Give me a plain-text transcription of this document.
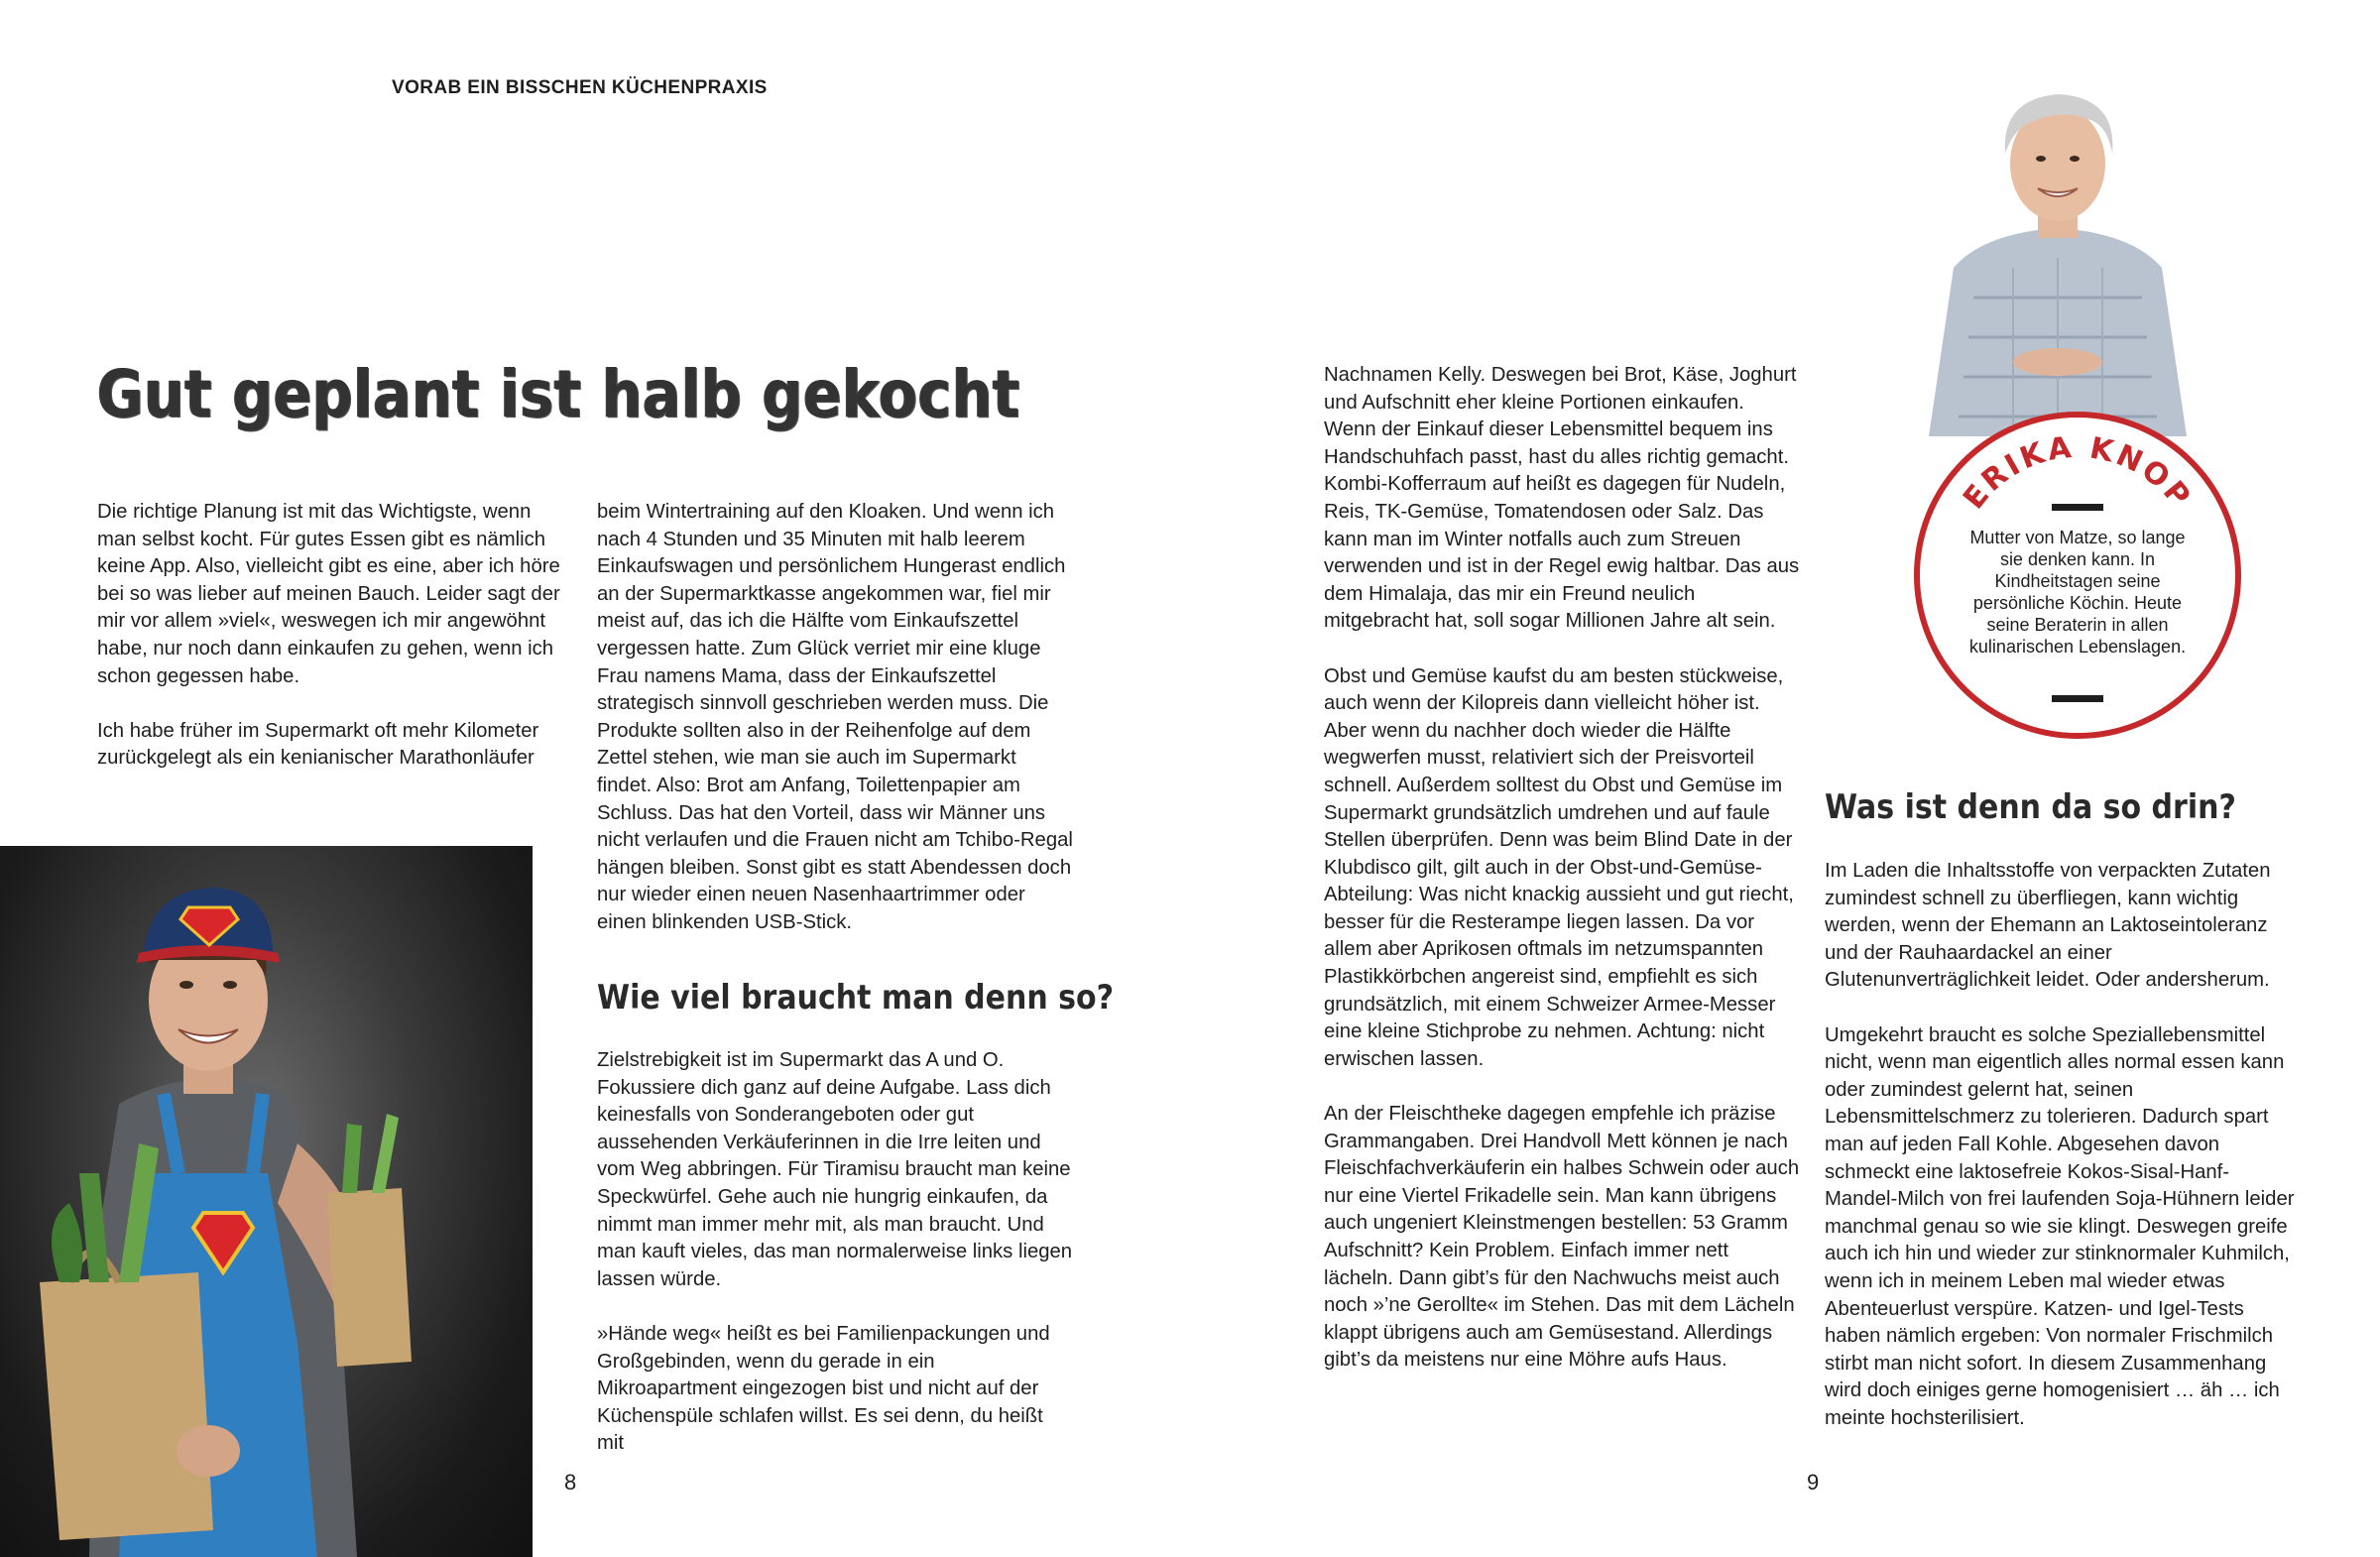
VORAB EIN BISSCHEN KÜCHENPRAXIS
Gut geplant ist halb gekocht

Die richtige Planung ist mit das Wichtigste, wenn man selbst kocht. Für gutes Essen gibt es nämlich keine App. Also, vielleicht gibt es eine, aber ich höre bei so was lieber auf meinen Bauch. Leider sagt der mir vor allem »viel«, weswegen ich mir angewöhnt habe, nur noch dann einkaufen zu gehen, wenn ich schon gegessen habe.

Ich habe früher im Supermarkt oft mehr Kilometer zurückgelegt als ein kenianischer Marathonläufer

beim Wintertraining auf den Kloaken. Und wenn ich nach 4 Stunden und 35 Minuten mit halb leerem Einkaufswagen und persönlichem Hungerast endlich an der Supermarktkasse angekommen war, fiel mir meist auf, das ich die Hälfte vom Einkaufszettel vergessen hatte. Zum Glück verriet mir eine kluge Frau namens Mama, dass der Einkaufszettel strategisch sinnvoll geschrieben werden muss. Die Produkte sollten also in der Reihenfolge auf dem Zettel stehen, wie man sie auch im Supermarkt findet. Also: Brot am Anfang, Toilettenpapier am Schluss. Das hat den Vorteil, dass wir Männer uns nicht verlaufen und die Frauen nicht am Tchibo-Regal hängen bleiben. Sonst gibt es statt Abendessen doch nur wieder einen neuen Nasenhaartrimmer oder einen blinkenden USB-Stick.

Wie viel braucht man denn so?

Zielstrebigkeit ist im Supermarkt das A und O. Fokussiere dich ganz auf deine Aufgabe. Lass dich keinesfalls von Sonderangeboten oder gut aussehenden Verkäuferinnen in die Irre leiten und vom Weg abbringen. Für Tiramisu braucht man keine Speckwürfel. Gehe auch nie hungrig einkaufen, da nimmt man immer mehr mit, als man braucht. Und man kauft vieles, das man normalerweise links liegen lassen würde.

»Hände weg« heißt es bei Familienpackungen und Großgebinden, wenn du gerade in ein Mikroapartment eingezogen bist und nicht auf der Küchenspüle schlafen willst. Es sei denn, du heißt mit

Nachnamen Kelly. Deswegen bei Brot, Käse, Joghurt und Aufschnitt eher kleine Portionen einkaufen. Wenn der Einkauf dieser Lebensmittel bequem ins Handschuhfach passt, hast du alles richtig gemacht. Kombi-Kofferraum auf heißt es dagegen für Nudeln, Reis, TK-Gemüse, Tomatendosen oder Salz. Das kann man im Winter notfalls auch zum Streuen verwenden und ist in der Regel ewig haltbar. Das aus dem Himalaja, das mir ein Freund neulich mitgebracht hat, soll sogar Millionen Jahre alt sein.

Obst und Gemüse kaufst du am besten stückweise, auch wenn der Kilopreis dann vielleicht höher ist. Aber wenn du nachher doch wieder die Hälfte wegwerfen musst, relativiert sich der Preisvorteil schnell. Außerdem solltest du Obst und Gemüse im Supermarkt grundsätzlich umdrehen und auf faule Stellen überprüfen. Denn was beim Blind Date in der Klubdisco gilt, gilt auch in der Obst-und-Gemüse-Abteilung: Was nicht knackig aussieht und gut riecht, besser für die Resterampe liegen lassen. Da vor allem aber Aprikosen oftmals im netzumspannten Plastikkörbchen angereist sind, empfiehlt es sich grundsätzlich, mit einem Schweizer Armee-Messer eine kleine Stichprobe zu nehmen. Achtung: nicht erwischen lassen.

An der Fleischtheke dagegen empfehle ich präzise Grammangaben. Drei Handvoll Mett können je nach Fleischfachverkäuferin ein halbes Schwein oder auch nur eine Viertel Frikadelle sein. Man kann übrigens auch ungeniert Kleinstmengen bestellen: 53 Gramm Aufschnitt? Kein Problem. Einfach immer nett lächeln. Dann gibt’s für den Nachwuchs meist auch noch »’ne Gerollte« im Stehen. Das mit dem Lächeln klappt übrigens auch am Gemüsestand. Allerdings gibt’s da meistens nur eine Möhre aufs Haus.

Was ist denn da so drin?

Im Laden die Inhaltsstoffe von verpackten Zutaten zumindest schnell zu überfliegen, kann wichtig werden, wenn der Ehemann an Laktoseintoleranz und der Rauhaardackel an einer Glutenunverträglichkeit leidet. Oder andersherum.

Umgekehrt braucht es solche Speziallebensmittel nicht, wenn man eigentlich alles normal essen kann oder zumindest gelernt hat, seinen Lebensmittelschmerz zu tolerieren. Dadurch spart man auf jeden Fall Kohle. Abgesehen davon schmeckt eine laktosefreie Kokos-Sisal-Hanf-Mandel-Milch von frei laufenden Soja-Hühnern leider manchmal genau so wie sie klingt. Deswegen greife auch ich hin und wieder zur stinknormaler Kuhmilch, wenn ich in meinem Leben mal wieder etwas Abenteuerlust verspüre. Katzen- und Igel-Tests haben nämlich ergeben: Von normaler Frischmilch stirbt man nicht sofort. In diesem Zusammenhang wird doch einiges gerne homogenisiert … äh … ich meinte hochsterilisiert.

8	9
ERIKA KNOP
Mutter von Matze, so lange sie denken kann. In Kindheitstagen seine persönliche Köchin. Heute seine Beraterin in allen kulinarischen Lebenslagen.
